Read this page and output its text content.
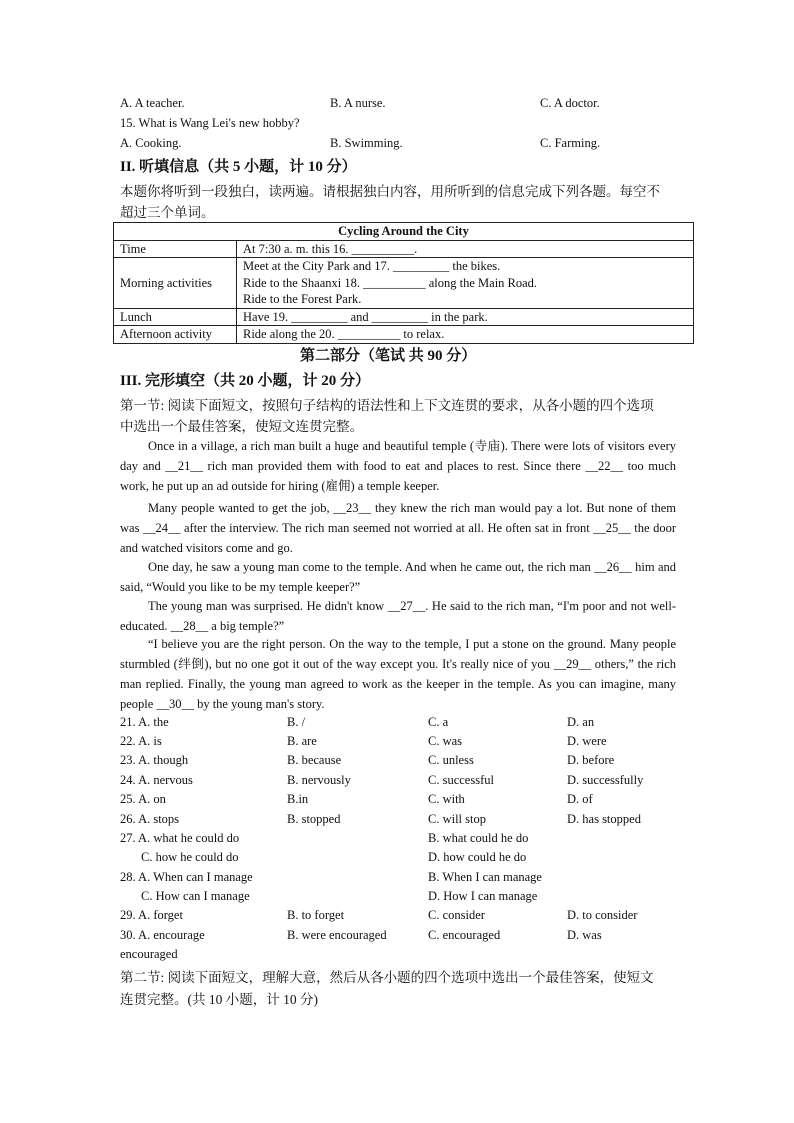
A. A teacher.	B. A nurse.	C. A doctor.
15. What is Wang Lei's new hobby?
A. Cooking.	B. Swimming.	C. Farming.
II. 听填信息（共 5 小题，计 10 分）
本题你将听到一段独白，读两遍。请根据独白内容，用所听到的信息完成下列各题。每空不
超过三个单词。
Cycling Around the City	
Time	At 7:30 a. m. this 16. __________.
Morning activities	Meet at the City Park and 17. _________ the bikes.
Ride to the Shaanxi 18. __________ along the Main Road.
Ride to the Forest Park.

Lunch	Have 19. _________ and _________ in the park.
Afternoon activity	Ride along the 20. __________ to relax.
第二部分（笔试 共 90 分）
III. 完形填空（共 20 小题，计 20 分）
第一节: 阅读下面短文，按照句子结构的语法性和上下文连贯的要求，从各小题的四个选项
中选出一个最佳答案，使短文连贯完整。
Once in a village, a rich man built a huge and beautiful temple (寺庙). There were lots of visitors every day and __21__ rich man provided them with food to eat and places to rest. Since there __22__ too much work, he put up an ad outside for hiring (雇佣) a temple keeper.
Many people wanted to get the job, __23__ they knew the rich man would pay a lot. But none of them was __24__ after the interview. The rich man seemed not worried at all. He often sat in front __25__ the door and watched visitors come and go.
One day, he saw a young man come to the temple. And when he came out, the rich man __26__ him and said, “Would you like to be my temple keeper?”
The young man was surprised. He didn't know __27__. He said to the rich man, “I'm poor and not well-educated. __28__ a big temple?”
“I believe you are the right person. On the way to the temple, I put a stone on the ground. Many people sturmbled (绊倒), but no one got it out of the way except you. It's really nice of you __29__ others,” the rich man replied. Finally, the young man agreed to work as the keeper in the temple. As you can imagine, many people __30__ by the young man's story.
21. A. the	B. /	C. a	D. an
22. A. is	B. are	C. was	D. were
23. A. though	B. because	C. unless	D. before
24. A. nervous	B. nervously	C. successful	D. successfully
25. A. on	B.in	C. with	D. of
26. A. stops	B. stopped	C. will stop	D. has stopped
27. A. what he could do	B. what could he do
C. how he could do	D. how could he do
28. A. When can I manage	B. When I can manage
C. How can I manage	D. How I can manage
29. A. forget	B. to forget	C. consider	D. to consider
30. A. encourage	B. were encouraged	C. encouraged	D. was
encouraged
第二节: 阅读下面短文，理解大意，然后从各小题的四个选项中选出一个最佳答案，使短文
连贯完整。(共 10 小题，计 10 分)
